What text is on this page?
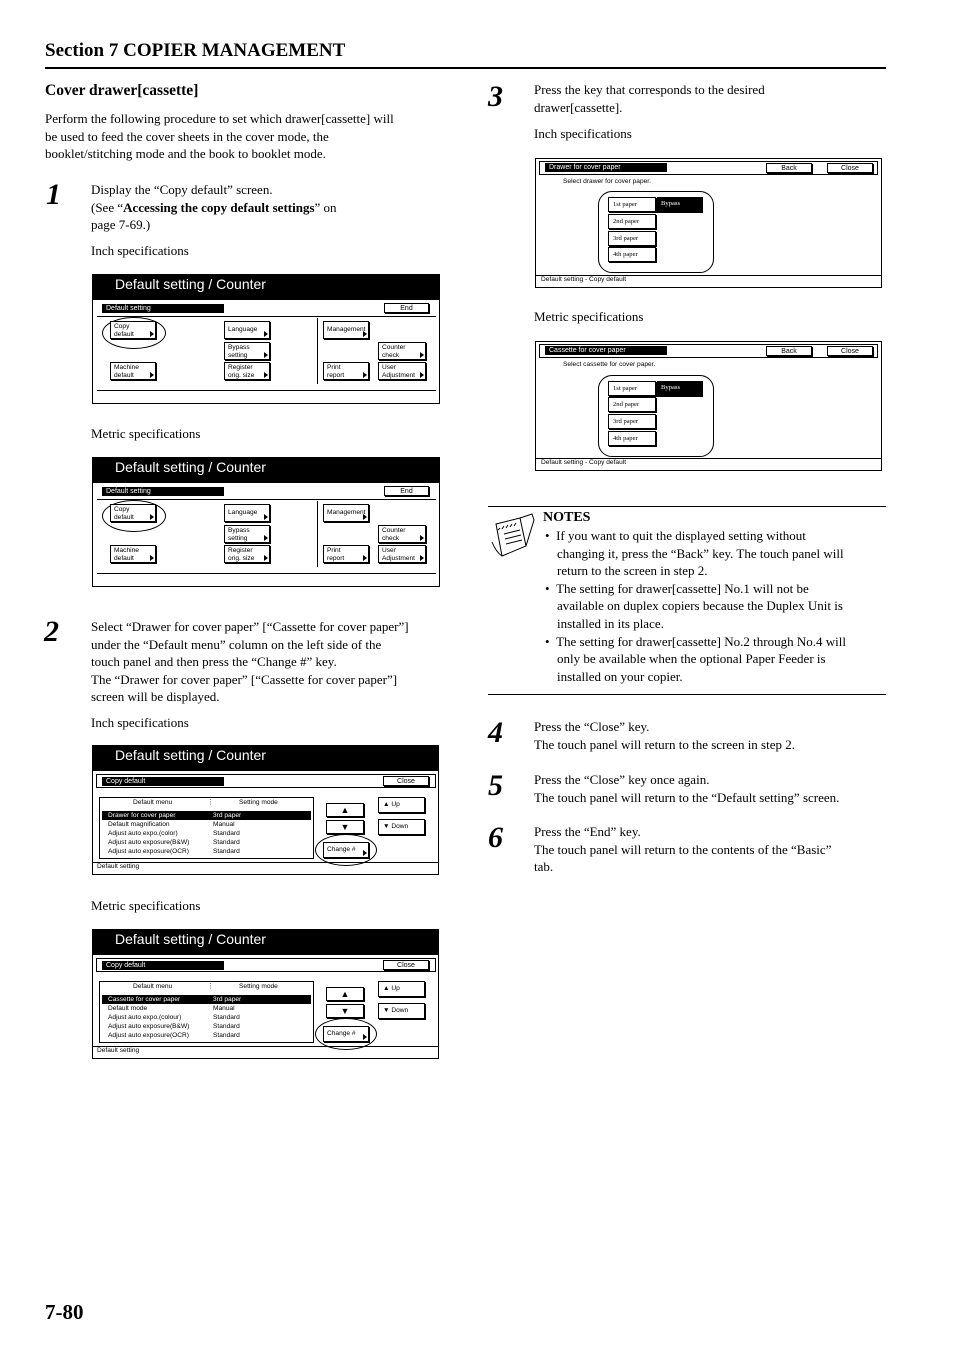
Section 7 COPIER MANAGEMENT
Cover drawer[cassette]
Perform the following procedure to set which drawer[cassette] will
be used to feed the cover sheets in the cover mode, the
booklet/stitching mode and the book to booklet mode.
1 Display the “Copy default” screen.
(See “Accessing the copy default settings” on
page 7-69.)
Inch specifications
Default setting / Counter
Default setting	End
Copy
default
Machine
default
Language
Bypass
setting
Register
orig. size
Management
Counter
check
Print
report
User
Adjustment
Metric specifications
Default setting / Counter
Default setting	End
Copy
default
Machine
default
Language
Bypass
setting
Register
orig. size
Management
Counter
check
Print
report
User
Adjustment
2 Select “Drawer for cover paper” [“Cassette for cover paper”]
under the “Default menu” column on the left side of the
touch panel and then press the “Change #” key.
The “Drawer for cover paper” [“Cassette for cover paper”]
screen will be displayed.
Inch specifications
Default setting / Counter
Copy default	Close
Default menu	⋮	Setting mode
Drawer for cover paper	3rd paper
Default magnification	Manual
Adjust auto expo.(color)	Standard
Adjust auto exposure(B&W)	Standard
Adjust auto exposure(OCR)	Standard
▲
▼
▲ Up
▼ Down
Change #
Default setting
Metric specifications
Default setting / Counter
Copy default	Close
Default menu	⋮	Setting mode
Cassette for cover paper	3rd paper
Default mode	Manual
Adjust auto expo.(colour)	Standard
Adjust auto exposure(B&W)	Standard
Adjust auto exposure(OCR)	Standard
▲
▼
▲ Up
▼ Down
Change #
Default setting
3 Press the key that corresponds to the desired
drawer[cassette].
Inch specifications
Drawer for cover paper	Back	Close
Select drawer for cover paper.
Default setting - Copy default
1st paper
2nd paper
3rd paper
4th paper
Bypass
Metric specifications
Cassette for cover paper	Back	Close
Select cassette for cover paper.
Default setting - Copy default
1st paper
2nd paper
3rd paper
4th paper
Bypass
NOTES
•  If you want to quit the displayed setting without
changing it, press the “Back” key. The touch panel will
return to the screen in step 2.
•  The setting for drawer[cassette] No.1 will not be
available on duplex copiers because the Duplex Unit is
installed in its place.
•  The setting for drawer[cassette] No.2 through No.4 will
only be available when the optional Paper Feeder is
installed on your copier.
4 Press the “Close” key.
The touch panel will return to the screen in step 2.
5 Press the “Close” key once again.
The touch panel will return to the “Default setting” screen.
6 Press the “End” key.
The touch panel will return to the contents of the “Basic”
tab.
7-80
